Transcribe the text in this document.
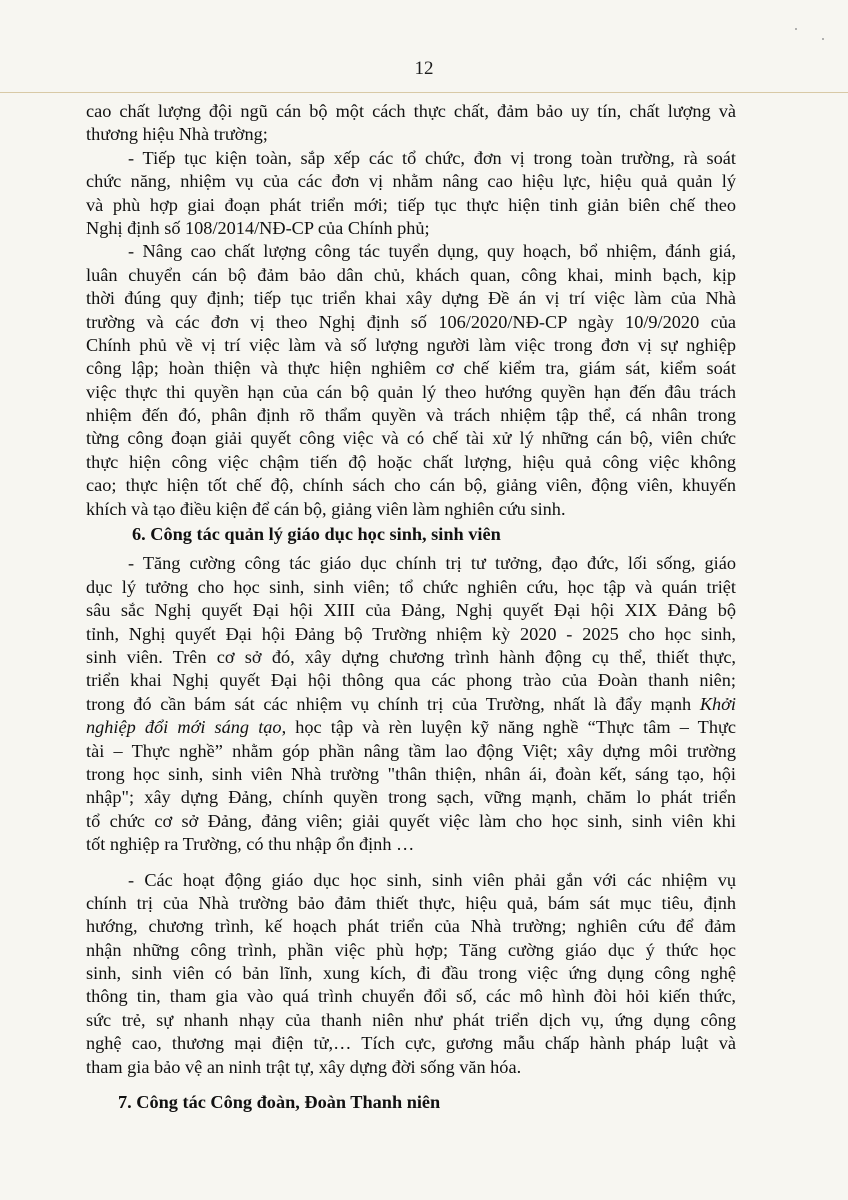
12
cao chất lượng đội ngũ cán bộ một cách thực chất, đảm bảo uy tín, chất lượng và
thương hiệu Nhà trường;
- Tiếp tục kiện toàn, sắp xếp các tổ chức, đơn vị trong toàn trường, rà soát
chức năng, nhiệm vụ của các đơn vị nhằm nâng cao hiệu lực, hiệu quả quản lý
và phù hợp giai đoạn phát triển mới; tiếp tục thực hiện tinh giản biên chế theo
Nghị định số 108/2014/NĐ-CP của Chính phủ;
- Nâng cao chất lượng công tác tuyển dụng, quy hoạch, bổ nhiệm, đánh giá,
luân chuyển cán bộ đảm bảo dân chủ, khách quan, công khai, minh bạch, kịp
thời đúng quy định; tiếp tục triển khai xây dựng Đề án vị trí việc làm của Nhà
trường và các đơn vị theo Nghị định số 106/2020/NĐ-CP ngày 10/9/2020 của
Chính phủ về vị trí việc làm và số lượng người làm việc trong đơn vị sự nghiệp
công lập; hoàn thiện và thực hiện nghiêm cơ chế kiểm tra, giám sát, kiểm soát
việc thực thi quyền hạn của cán bộ quản lý theo hướng quyền hạn đến đâu trách
nhiệm đến đó, phân định rõ thẩm quyền và trách nhiệm tập thể, cá nhân trong
từng công đoạn giải quyết công việc và có chế tài xử lý những cán bộ, viên chức
thực hiện công việc chậm tiến độ hoặc chất lượng, hiệu quả công việc không
cao; thực hiện tốt chế độ, chính sách cho cán bộ, giảng viên, động viên, khuyến
khích và tạo điều kiện để cán bộ, giảng viên làm nghiên cứu sinh.
6. Công tác quản lý giáo dục học sinh, sinh viên
- Tăng cường công tác giáo dục chính trị tư tưởng, đạo đức, lối sống, giáo
dục lý tưởng cho học sinh, sinh viên; tổ chức nghiên cứu, học tập và quán triệt
sâu sắc Nghị quyết Đại hội XIII của Đảng, Nghị quyết Đại hội XIX Đảng bộ
tỉnh, Nghị quyết Đại hội Đảng bộ Trường nhiệm kỳ 2020 - 2025 cho học sinh,
sinh viên. Trên cơ sở đó, xây dựng chương trình hành động cụ thể, thiết thực,
triển khai Nghị quyết Đại hội thông qua các phong trào của Đoàn thanh niên;
trong đó cần bám sát các nhiệm vụ chính trị của Trường, nhất là đẩy mạnh Khởi
nghiệp đổi mới sáng tạo, học tập và rèn luyện kỹ năng nghề “Thực tâm – Thực
tài – Thực nghề” nhằm góp phần nâng tầm lao động Việt; xây dựng môi trường
trong học sinh, sinh viên Nhà trường "thân thiện, nhân ái, đoàn kết, sáng tạo, hội
nhập"; xây dựng Đảng, chính quyền trong sạch, vững mạnh, chăm lo phát triển
tổ chức cơ sở Đảng, đảng viên; giải quyết việc làm cho học sinh, sinh viên khi
tốt nghiệp ra Trường, có thu nhập ổn định …
- Các hoạt động giáo dục học sinh, sinh viên phải gắn với các nhiệm vụ
chính trị của Nhà trường bảo đảm thiết thực, hiệu quả, bám sát mục tiêu, định
hướng, chương trình, kế hoạch phát triển của Nhà trường; nghiên cứu để đảm
nhận những công trình, phần việc phù hợp; Tăng cường giáo dục ý thức học
sinh, sinh viên có bản lĩnh, xung kích, đi đầu trong việc ứng dụng công nghệ
thông tin, tham gia vào quá trình chuyển đổi số, các mô hình đòi hỏi kiến thức,
sức trẻ, sự nhanh nhạy của thanh niên như phát triển dịch vụ, ứng dụng công
nghệ cao, thương mại điện tử,… Tích cực, gương mẫu chấp hành pháp luật và
tham gia bảo vệ an ninh trật tự, xây dựng đời sống văn hóa.
7. Công tác Công đoàn, Đoàn Thanh niên
